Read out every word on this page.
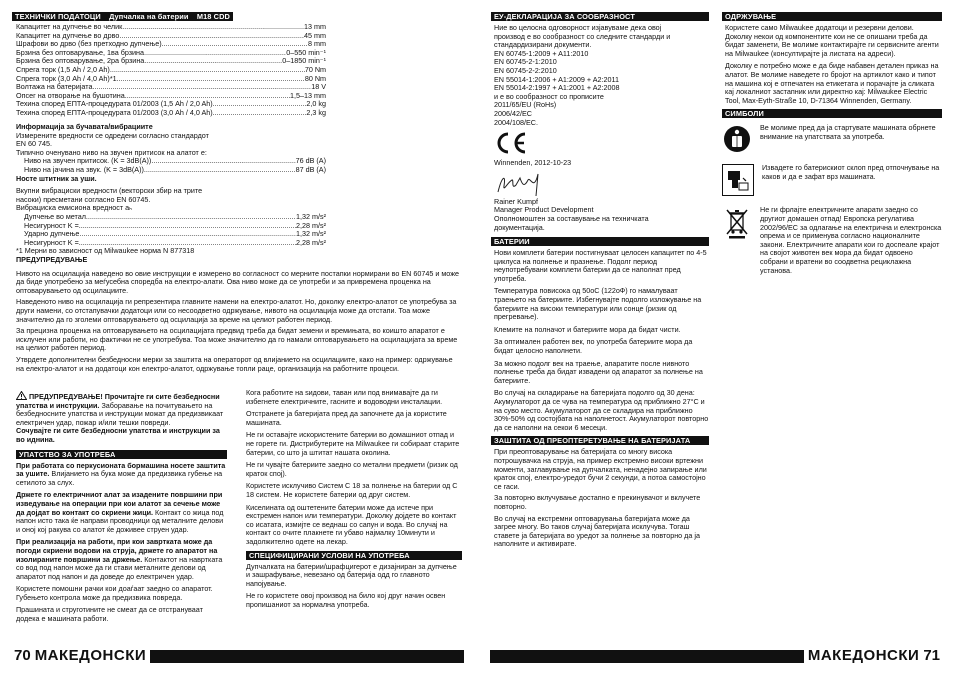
ТЕХНИЧКИ ПОДАТОЦИ Дупчалка на батерии M18 CDD
Капацитет на дупчење во челик .....	13 mm
Капацитет на дупчење во дрво .....	45 mm
Шрафови во дрво (без претходно дупчење) .....	8 mm
Брзина без оптоварување, 1ва брзина .....	0–550 min⁻¹
Брзина без оптоварување, 2ра брзина .....	0–1850 min⁻¹
Спрега торк (1,5 Ah / 2,0 Ah) .....	70 Nm
Спрега торк (3,0 Ah / 4,0 Ah)*1 .....	80 Nm
Волтажа на батеријата .....	18 V
Опсег на отворање на бушотина .....	1,5–13 mm
Техина според ЕПТА-процедурата 01/2003 (1,5 Ah / 2,0 Ah) .....	2,0 kg
Техина според ЕПТА-процедурата 01/2003 (3,0 Ah / 4,0 Ah) .....	2,3 kg

Информација за бучавата/вибрациите

Измерените вредности се одредени согласно стандардот

EN 60 745.

Типично оченувано ниво на звучен притисок на алатот е:

Ниво на звучен притисок. (K = 3dB(A)) .....	76 dB (A)
Ниво на јачина на звук. (K = 3dB(A)) .....	87 dB (A)

Носте штитник за уши.

Вкупни вибрациски вредности (векторски збир на трите

насоки) пресметани согласно EN 60745.

Вибрациска емисиона вредност aₕ

Дупчење во метал .....	1,32 m/s²
Несигурност K = .....	2,28 m/s²
Ударно дупчење .....	1,32 m/s²
Несигурност K = .....	2,28 m/s²

*1 Мерни во зависност од Milwaukee норма N 877318

ПРЕДУПРЕДУВАЊЕ

Нивото на осцилација наведено во овие инструкции е измерено во согласност со мерните постапки нормирани во EN 60745 и може да биде употребено за меѓусебна споредба на електро-алати. Ова ниво може да се употреби и за привремена проценка на оптоварувањето од осцилациите.

Наведеното ниво на осцилација ги репрезентира главните намени на електро-алатот. Но, доколку електро-алатот се употребува за други намени, со отстапувачки додатоци или со несоодветно одржување, нивото на осцилација може да отстапи. Тоа може значително да го зголеми оптоварувањето од осцилација за време на целиот работен период.

За прецизна проценка на оптоварувањето на осцилацијата предвид треба да бидат земени и времињата, во коишто апаратот е исклучен или работи, но фактички не се употребува. Тоа може значително да го намали оптоварувањето на осцилацијата за време на целиот работен период.

Утврдете дополнителни безбедносни мерки за заштита на операторот од влијанието на осцилациите, како на пример: одржување на електро-алатот и на додатоци кон електро-алатот, одржување топли раце, организација на работните процеси.

ПРЕДУПРЕДУВАЊЕ! Прочитајте ги сите безбедносни упатства и инструкции. Заборавање на почитувањето на безбедносните упатства и инструкции можат да предизвикаат електричен удар, пожар и/или тешки повреди.

Сочувајте ги сите безбедносни упатства и инструкции за во иднина.

УПАТСТВО ЗА УПОТРЕБА

При работата со перкусионата бормашина носете заштита за ушите. Влијанието на бука може да предизвика губење на сетилото за слух.

Држете го електричниот алат за изадените површини при изведување на операции при кои алатот за сечење може да дојдат во контакт со скриени жици. Контакт со жица под напон исто така ќе направи проводници од металните делови и оној кој ракува со алатот ќе доживее струен удар.

При реализација на работи, при кои завртката може да погоди скриени водови на струја, држете го апаратот на изолираните површини за држење. Контактот на навртката со вод под напон може да ги стави металните делови од апаратот под напон и да доведе до електричен удар.

Користете помошни рачки кои доаѓаат заедно со апаратот. Губењето контрола може да предизвика повреда.

Прашината и струготините не смеат да се отстрануваат додека е машината работи.

Кога работите на ѕидови, таван или под внимавајте да ги избегнете електричните, гасните и водоводни инсталации.

Отстранете ја батеријата пред да започнете да ја користите машината.

Не ги оставајте искористените батерии во домашниот отпад и не горете ги. Дистрибутерите на Milwaukee ги собираат старите батерии, со што ја штитат нашата околина.

Не ги чувајте батериите заедно со метални предмети (ризик од краток спој).

Користете исклучиво Систем C 18 за полнење на батерии од C 18 систем. Не користете батерии од друг систем.

Киселината од оштетените батерии може да истече при екстремен напон или температури. Доколку дојдете во контакт со исатата, измијте се веднаш со сапун и вода. Во случај на контакт со очите плакнете ги убаво најмалку 10минути и задолжително одете на лекар.

СПЕЦИФИЦИРАНИ УСЛОВИ НА УПОТРЕБА

Дупчалката на батерии/шрафцигерот е дизајниран за дупчење и зашрафување, невезано од батерија одд го главното напојување.

Не го користете овој производ на било кој друг начин освен пропишаниот за нормална употреба.

70 МАКЕДОНСКИ
ЕУ-ДЕКЛАРАЦИЈА ЗА СООБРАЗНОСТ

Ние во целосна одговорност изјавуваме дека овој

производ е во сообразност со следните стандарди и

стандардизирани документи.

EN 60745-1:2009 + A11:2010

EN 60745-2-1:2010

EN 60745-2-2:2010

EN 55014-1:2006 + A1:2009 + A2:2011

EN 55014-2:1997 + A1:2001 + A2:2008

и е во сообразност со прописите

2011/65/EU (RoHs)

2006/42/EC

2004/108/EC.

Winnenden, 2012-10-23

Rainer Kumpf

Manager Product Development

Ополномоштен за составување на техничката

документација.

БАТЕРИИ

Нови комплети батерии постигнуваат целосен капацитет по 4-5 циклуса на полнење и празнење. Подолг период неупотребувани комплети батерии да се наполнат пред употреба.

Температура повисока од 50oC (122oФ) го намалуваат траењето на батериите. Избегнувајте подолго изложување на батериите на високи температури или сонце (ризик од прегревање).

Клемите на полначот и батериите мора да бидат чисти.

За оптимален работен век, по употреба батериите мора да бидат целосно наполнети.

За можно подолг век на траење, апаратите после нивното полнење треба да бидат извадени од апаратот за полнење на батериите.

Во случај на складирање на батеријата подолго од 30 дена: Акумулаторот да се чува на температура од приближно 27°C и на суво место. Акумулаторот да се складира на приближно 30%-50% од состојбата на наполнетост. Акумулаторот повторно да се наполни на секои 6 месеци.

ЗАШТИТА ОД ПРЕОПТЕРЕТУВАЊЕ НА БАТЕРИЈАТА

При преоптоварување на батеријата со многу висока потрошувачка на струја, на пример екстремно високи вртежни моменти, заглавување на дупчалката, ненадејно запирање или краток спој, електро-уредот бучи 2 секунди, а потоа самостојно се гаси.

За повторно вклучување достапно е прекинувачот и вклучете повторно.

Во случај на екстремни оптоварувања батеријата може да загрее многу. Во таков случај батеријата исклучува. Тогаш ставете ја батеријата во уредот за полнење за повторно да ја наполните и активирате.

ОДРЖУВАЊЕ

Користете само Milwaukee додатоци и резервни делови. Доколку некои од компонентите кои не се опишани треба да бидат заменети, Ве молиме контактирајте ги сервисните агенти на Milwaukee (консултирајте ја листата на адреси).

Доколку е потребно може е да биде набавен детален приказ на алатот. Ве молиме наведете го бројот на артиклот како и типот на машина кој е отпечатен на етикетата и порачајте ја сликата кај локалниот застапник или директно кај: Milwaukee Electric Tool, Max-Eyth-Straße 10, D-71364 Winnenden, Germany.

СИМБОЛИ

Ве молиме пред да ја стартувате машината обрнете внимание на упатствата за употреба.

Извадете го батерискиот склоп пред отпочнување на каков и да е зафат врз машината.

Не ги фрлајте електричните апарати заедно со другиот домашен отпад! Европска регулатива 2002/96/EC за одлагање на електрична и електронска опрема и се применува согласно националните закони. Електричните апарати кои го доспеале крајот на својот животен век мора да бидат одвоено собрани и вратени во соодветна рециклажна установа.

МАКЕДОНСКИ 71
